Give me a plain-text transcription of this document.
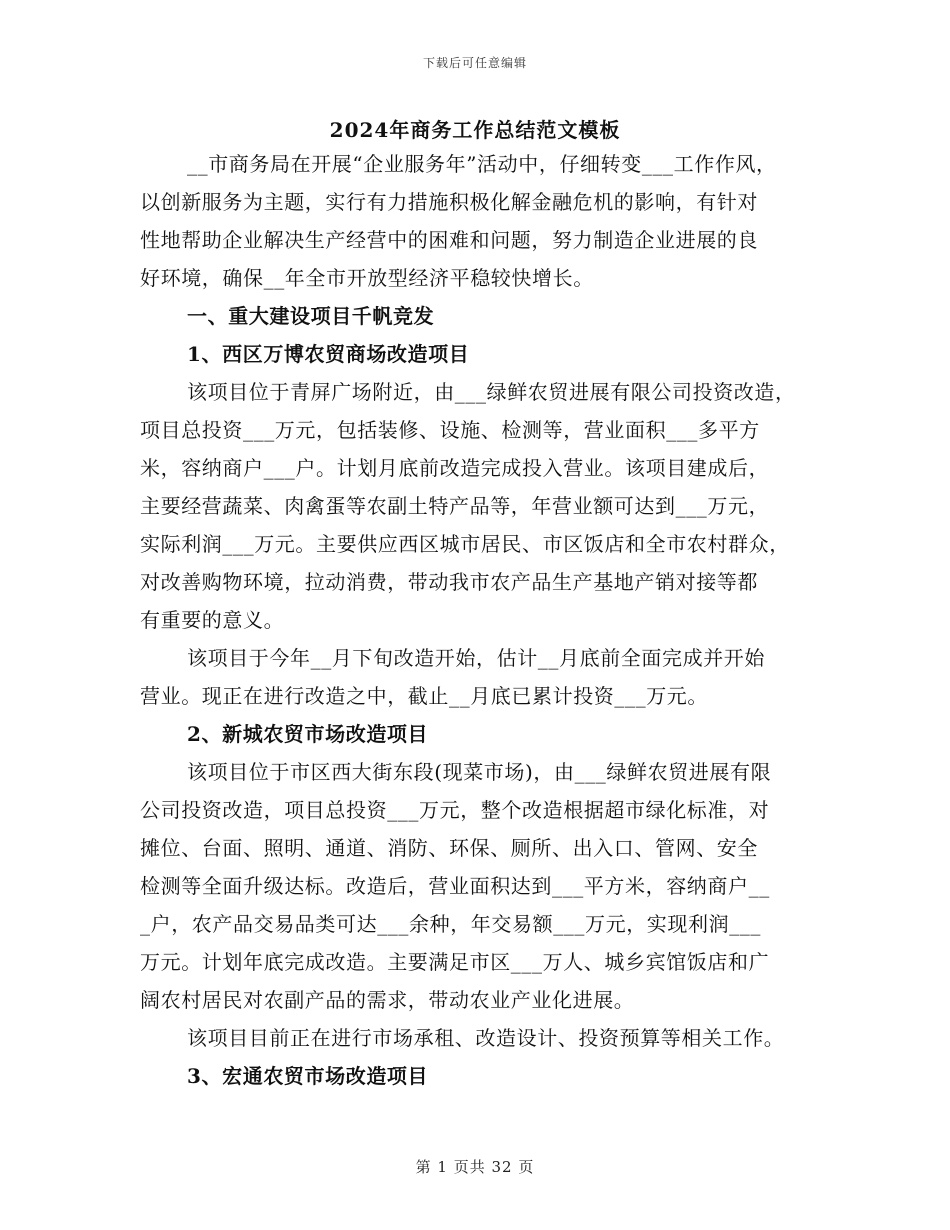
下载后可任意编辑
2024年商务工作总结范文模板
__市商务局在开展“企业服务年”活动中，仔细转变___工作作风，
以创新服务为主题，实行有力措施积极化解金融危机的影响，有针对
性地帮助企业解决生产经营中的困难和问题，努力制造企业进展的良
好环境，确保__年全市开放型经济平稳较快增长。
一、重大建设项目千帆竞发
1、西区万博农贸商场改造项目
该项目位于青屏广场附近，由___绿鲜农贸进展有限公司投资改造，
项目总投资___万元，包括装修、设施、检测等，营业面积___多平方
米，容纳商户___户。计划月底前改造完成投入营业。该项目建成后，
主要经营蔬菜、肉禽蛋等农副土特产品等，年营业额可达到___万元，
实际利润___万元。主要供应西区城市居民、市区饭店和全市农村群众，
对改善购物环境，拉动消费，带动我市农产品生产基地产销对接等都
有重要的意义。
该项目于今年__月下旬改造开始，估计__月底前全面完成并开始
营业。现正在进行改造之中，截止__月底已累计投资___万元。
2、新城农贸市场改造项目
该项目位于市区西大街东段(现菜市场)，由___绿鲜农贸进展有限
公司投资改造，项目总投资___万元，整个改造根据超市绿化标准，对
摊位、台面、照明、通道、消防、环保、厕所、出入口、管网、安全
检测等全面升级达标。改造后，营业面积达到___平方米，容纳商户__
_户，农产品交易品类可达___余种，年交易额___万元，实现利润___
万元。计划年底完成改造。主要满足市区___万人、城乡宾馆饭店和广
阔农村居民对农副产品的需求，带动农业产业化进展。
该项目目前正在进行市场承租、改造设计、投资预算等相关工作。
3、宏通农贸市场改造项目
第 1 页共 32 页
